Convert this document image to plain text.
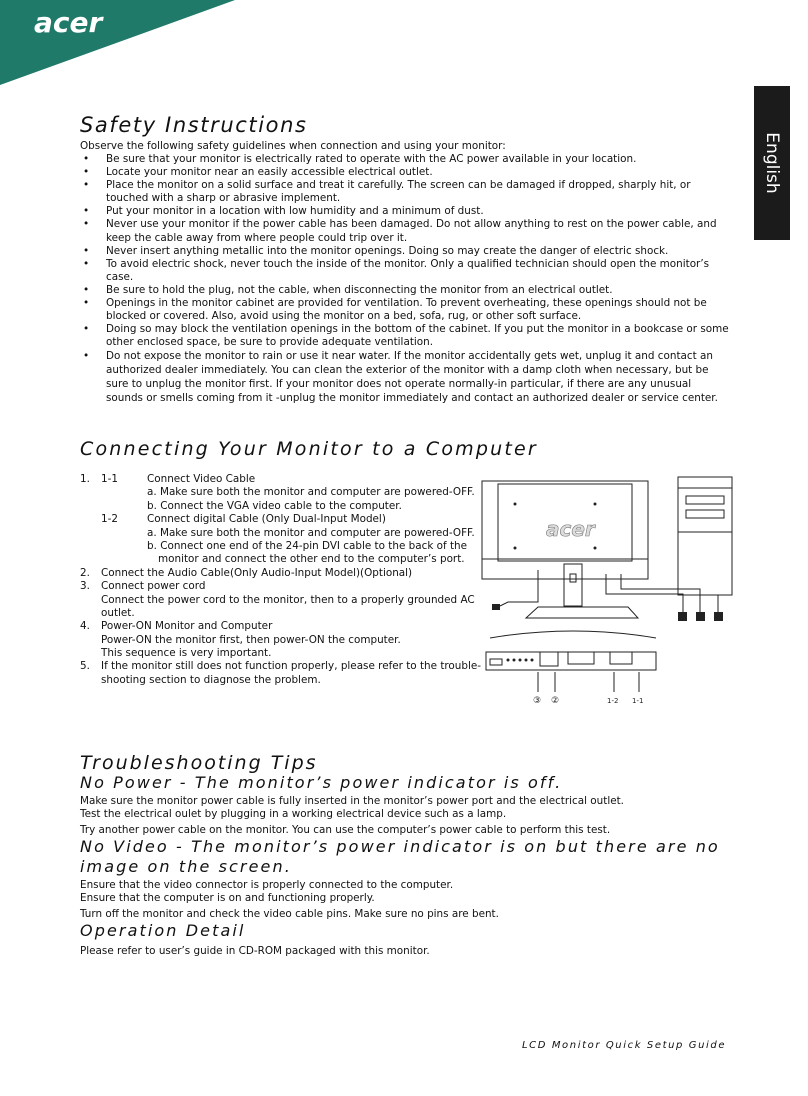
acer
English
Safety Instructions
Observe the following safety guidelines when connection and using your monitor:
• Be sure that your monitor is electrically rated to operate with the AC power available in your location.
• Locate your monitor near an easily accessible electrical outlet.
• Place the monitor on a solid surface and treat it carefully. The screen can be damaged if dropped, sharply hit, or touched with a sharp or abrasive implement.
• Put your monitor in a location with low humidity and a minimum of dust.
• Never use your monitor if the power cable has been damaged. Do not allow anything to rest on the power cable, and keep the cable away from where people could trip over it.
• Never insert anything metallic into the monitor openings. Doing so may create the danger of electric shock.
• To avoid electric shock, never touch the inside of the monitor. Only a qualified technician should open the monitor’s case.
• Be sure to hold the plug, not the cable, when disconnecting the monitor from an electrical outlet.
• Openings in the monitor cabinet are provided for ventilation. To prevent overheating, these openings should not be blocked or covered. Also, avoid using the monitor on a bed, sofa, rug, or other soft surface.
• Doing so may block the ventilation openings in the bottom of the cabinet. If you put the monitor in a bookcase or some other enclosed space, be sure to provide adequate ventilation.
• Do not expose the monitor to rain or use it near water. If the monitor accidentally gets wet, unplug it and contact an authorized dealer immediately. You can clean the exterior of the monitor with a damp cloth when necessary, but be sure to unplug the monitor first. If your monitor does not operate normally-in particular, if there are any unusual sounds or smells coming from it -unplug the monitor immediately and contact an authorized dealer or service center.
Connecting Your Monitor to a Computer
1. 1-1	Connect Video Cable
a. Make sure both the monitor and computer are powered-OFF.
b. Connect the VGA video cable to the computer.
1-2	Connect digital Cable (Only Dual-Input Model)
a. Make sure both the monitor and computer are powered-OFF.
b. Connect one end of the 24-pin DVI cable to the back of the
monitor and connect the other end to the computer’s port.
2. Connect the Audio Cable(Only Audio-Input Model)(Optional)
3. Connect power cord
Connect the power cord to the monitor, then to a properly grounded AC
outlet.
4. Power-ON Monitor and Computer
Power-ON the monitor first, then power-ON the computer.
This sequence is very important.
5. If the monitor still does not function properly, please refer to the trouble-
shooting section to diagnose the problem.
acer
③ ②	1-2 1-1
Troubleshooting Tips
No Power - The monitor’s power indicator is off.
Make sure the monitor power cable is fully inserted in the monitor’s power port and the electrical outlet.
Test the electrical oulet by plugging in a working electrical device such as a lamp.
Try another power cable on the monitor. You can use the computer’s power cable to perform this test.
No Video - The monitor’s power indicator is on but there are no
image on the screen.
Ensure that the video connector is properly connected to the computer.
Ensure that the computer is on and functioning properly.
Turn off the monitor and check the video cable pins. Make sure no pins are bent.
Operation Detail
Please refer to user’s guide in CD-ROM packaged with this monitor.
LCD Monitor Quick Setup Guide
